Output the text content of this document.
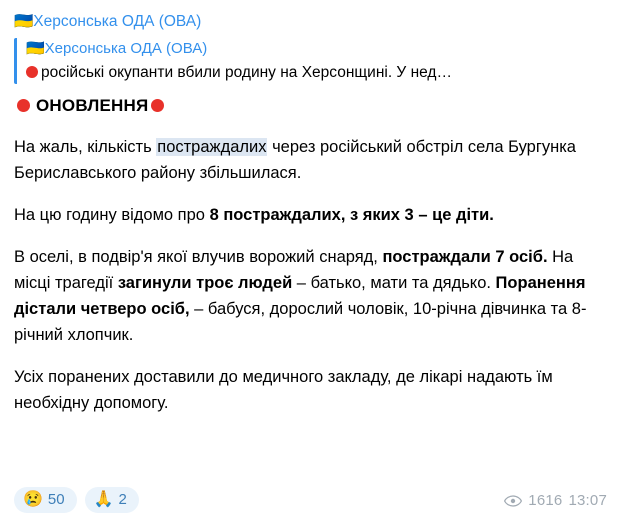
🇺🇦Херсонська ОДА (ОВА)
🇺🇦Херсонська ОДА (ОВА)
російські окупанти вбили родину на Херсонщині. У нед…
ОНОВЛЕННЯ

На жаль, кількість постраждалих через російський обстріл села Бургунка Бериславського району збільшилася.

На цю годину відомо про 8 постраждалих, з яких 3 – це діти.

В оселі, в подвір'я якої влучив ворожий снаряд, постраждали 7 осіб. На місці трагедії загинули троє людей – батько, мати та дядько. Поранення дістали четверо осіб, – бабуся, дорослий чоловік, 10-річна дівчинка та 8-річний хлопчик.

Усіх поранених доставили до медичного закладу, де лікарі надають їм необхідну допомогу.

😢 50 🙏 2	1616 13:07
